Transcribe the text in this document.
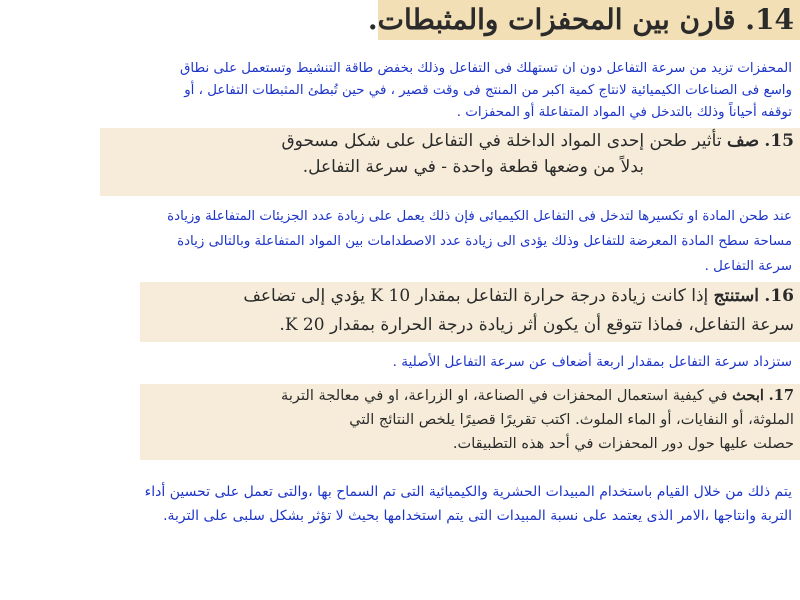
.14 قارن بين المحفزات والمثبطات.
المحفزات تزيد من سرعة التفاعل دون ان تستهلك فى التفاعل وذلك بخفض طاقة التنشيط وتستعمل على نطاق
واسع فى الصناعات الكيميائية لانتاج كمية اكبر من المنتج فى وقت قصير ، في حين تُبطئ المثبطات التفاعل ، أو
توقفه أحياناً وذلك بالتدخل في المواد المتفاعلة أو المحفزات .
.15 صف تأثير طحن إحدى المواد الداخلة في التفاعل على شكل مسحوق
بدلاً من وضعها قطعة واحدة - في سرعة التفاعل.
عند طحن المادة او تكسيرها لتدخل فى التفاعل الكيميائى فإن ذلك يعمل على زيادة عدد الجزيئات المتفاعلة وزيادة
مساحة سطح المادة المعرضة للتفاعل وذلك يؤدى الى زيادة عدد الاصطدامات بين المواد المتفاعلة وبالتالى زيادة
سرعة التفاعل .
.16 استنتج إذا كانت زيادة درجة حرارة التفاعل بمقدار 10 K يؤدي إلى تضاعف
سرعة التفاعل، فماذا تتوقع أن يكون أثر زيادة درجة الحرارة بمقدار 20 K.
ستزداد سرعة التفاعل بمقدار اربعة أضعاف عن سرعة التفاعل الأصلية .
.17 ابحث في كيفية استعمال المحفزات في الصناعة، او الزراعة، او في معالجة التربة
الملوثة، أو النفايات، أو الماء الملوث. اكتب تقريرًا قصيرًا يلخص النتائج التي
حصلت عليها حول دور المحفزات في أحد هذه التطبيقات.
يتم ذلك من خلال القيام باستخدام المبيدات الحشرية والكيميائية التى تم السماح بها ،والتى تعمل على تحسين أداء
التربة وانتاجها ،الامر الذى يعتمد على نسبة المبيدات التى يتم استخدامها بحيث لا تؤثر بشكل سلبى على التربة.
